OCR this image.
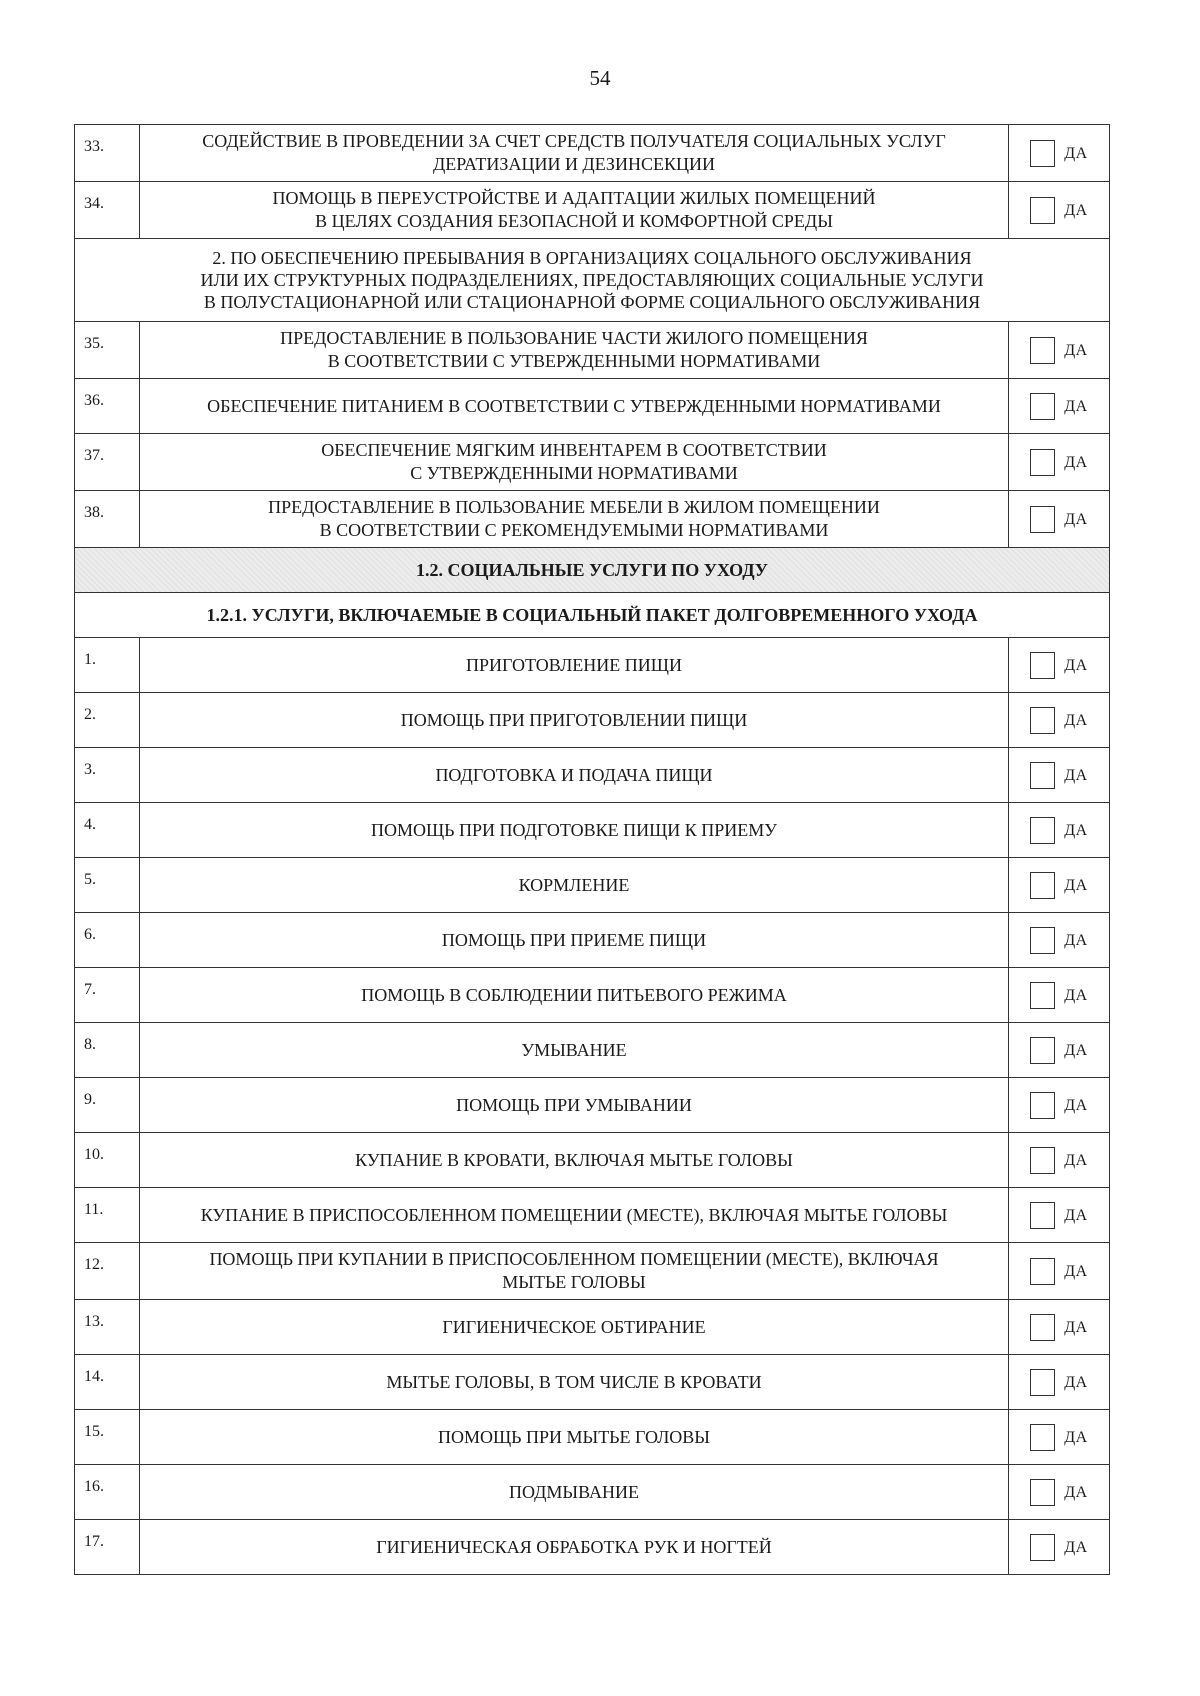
54
33.	СОДЕЙСТВИЕ В ПРОВЕДЕНИИ ЗА СЧЕТ СРЕДСТВ ПОЛУЧАТЕЛЯ СОЦИАЛЬНЫХ УСЛУГ
ДЕРАТИЗАЦИИ И ДЕЗИНСЕКЦИИ	ДА

34.	ПОМОЩЬ В ПЕРЕУСТРОЙСТВЕ И АДАПТАЦИИ ЖИЛЫХ ПОМЕЩЕНИЙ
В ЦЕЛЯХ СОЗДАНИЯ БЕЗОПАСНОЙ И КОМФОРТНОЙ СРЕДЫ	ДА

2. ПО ОБЕСПЕЧЕНИЮ ПРЕБЫВАНИЯ В ОРГАНИЗАЦИЯХ СОЦАЛЬНОГО ОБСЛУЖИВАНИЯ
ИЛИ ИХ СТРУКТУРНЫХ ПОДРАЗДЕЛЕНИЯХ, ПРЕДОСТАВЛЯЮЩИХ СОЦИАЛЬНЫЕ УСЛУГИ
В ПОЛУСТАЦИОНАРНОЙ ИЛИ СТАЦИОНАРНОЙ ФОРМЕ СОЦИАЛЬНОГО ОБСЛУЖИВАНИЯ		

35.	ПРЕДОСТАВЛЕНИЕ В ПОЛЬЗОВАНИЕ ЧАСТИ ЖИЛОГО ПОМЕЩЕНИЯ
В СООТВЕТСТВИИ С УТВЕРЖДЕННЫМИ НОРМАТИВАМИ	ДА

36.	ОБЕСПЕЧЕНИЕ ПИТАНИЕМ В СООТВЕТСТВИИ С УТВЕРЖДЕННЫМИ НОРМАТИВАМИ	ДА

37.	ОБЕСПЕЧЕНИЕ МЯГКИМ ИНВЕНТАРЕМ В СООТВЕТСТВИИ
С УТВЕРЖДЕННЫМИ НОРМАТИВАМИ	ДА

38.	ПРЕДОСТАВЛЕНИЕ В ПОЛЬЗОВАНИЕ МЕБЕЛИ В ЖИЛОМ ПОМЕЩЕНИИ
В СООТВЕТСТВИИ С РЕКОМЕНДУЕМЫМИ НОРМАТИВАМИ	ДА

1.2. СОЦИАЛЬНЫЕ УСЛУГИ ПО УХОДУ		
1.2.1. УСЛУГИ, ВКЛЮЧАЕМЫЕ В СОЦИАЛЬНЫЙ ПАКЕТ ДОЛГОВРЕМЕННОГО УХОДА		
1.	ПРИГОТОВЛЕНИЕ ПИЩИ	ДА

2.	ПОМОЩЬ ПРИ ПРИГОТОВЛЕНИИ ПИЩИ	ДА

3.	ПОДГОТОВКА И ПОДАЧА ПИЩИ	ДА

4.	ПОМОЩЬ ПРИ ПОДГОТОВКЕ ПИЩИ К ПРИЕМУ	ДА

5.	КОРМЛЕНИЕ	ДА

6.	ПОМОЩЬ ПРИ ПРИЕМЕ ПИЩИ	ДА

7.	ПОМОЩЬ В СОБЛЮДЕНИИ ПИТЬЕВОГО РЕЖИМА	ДА

8.	УМЫВАНИЕ	ДА

9.	ПОМОЩЬ ПРИ УМЫВАНИИ	ДА

10.	КУПАНИЕ В КРОВАТИ, ВКЛЮЧАЯ МЫТЬЕ ГОЛОВЫ	ДА

11.	КУПАНИЕ В ПРИСПОСОБЛЕННОМ ПОМЕЩЕНИИ (МЕСТЕ), ВКЛЮЧАЯ МЫТЬЕ ГОЛОВЫ	ДА

12.	ПОМОЩЬ ПРИ КУПАНИИ В ПРИСПОСОБЛЕННОМ ПОМЕЩЕНИИ (МЕСТЕ), ВКЛЮЧАЯ
МЫТЬЕ ГОЛОВЫ	ДА

13.	ГИГИЕНИЧЕСКОЕ ОБТИРАНИЕ	ДА

14.	МЫТЬЕ ГОЛОВЫ, В ТОМ ЧИСЛЕ В КРОВАТИ	ДА

15.	ПОМОЩЬ ПРИ МЫТЬЕ ГОЛОВЫ	ДА

16.	ПОДМЫВАНИЕ	ДА

17.	ГИГИЕНИЧЕСКАЯ ОБРАБОТКА РУК И НОГТЕЙ	ДА
